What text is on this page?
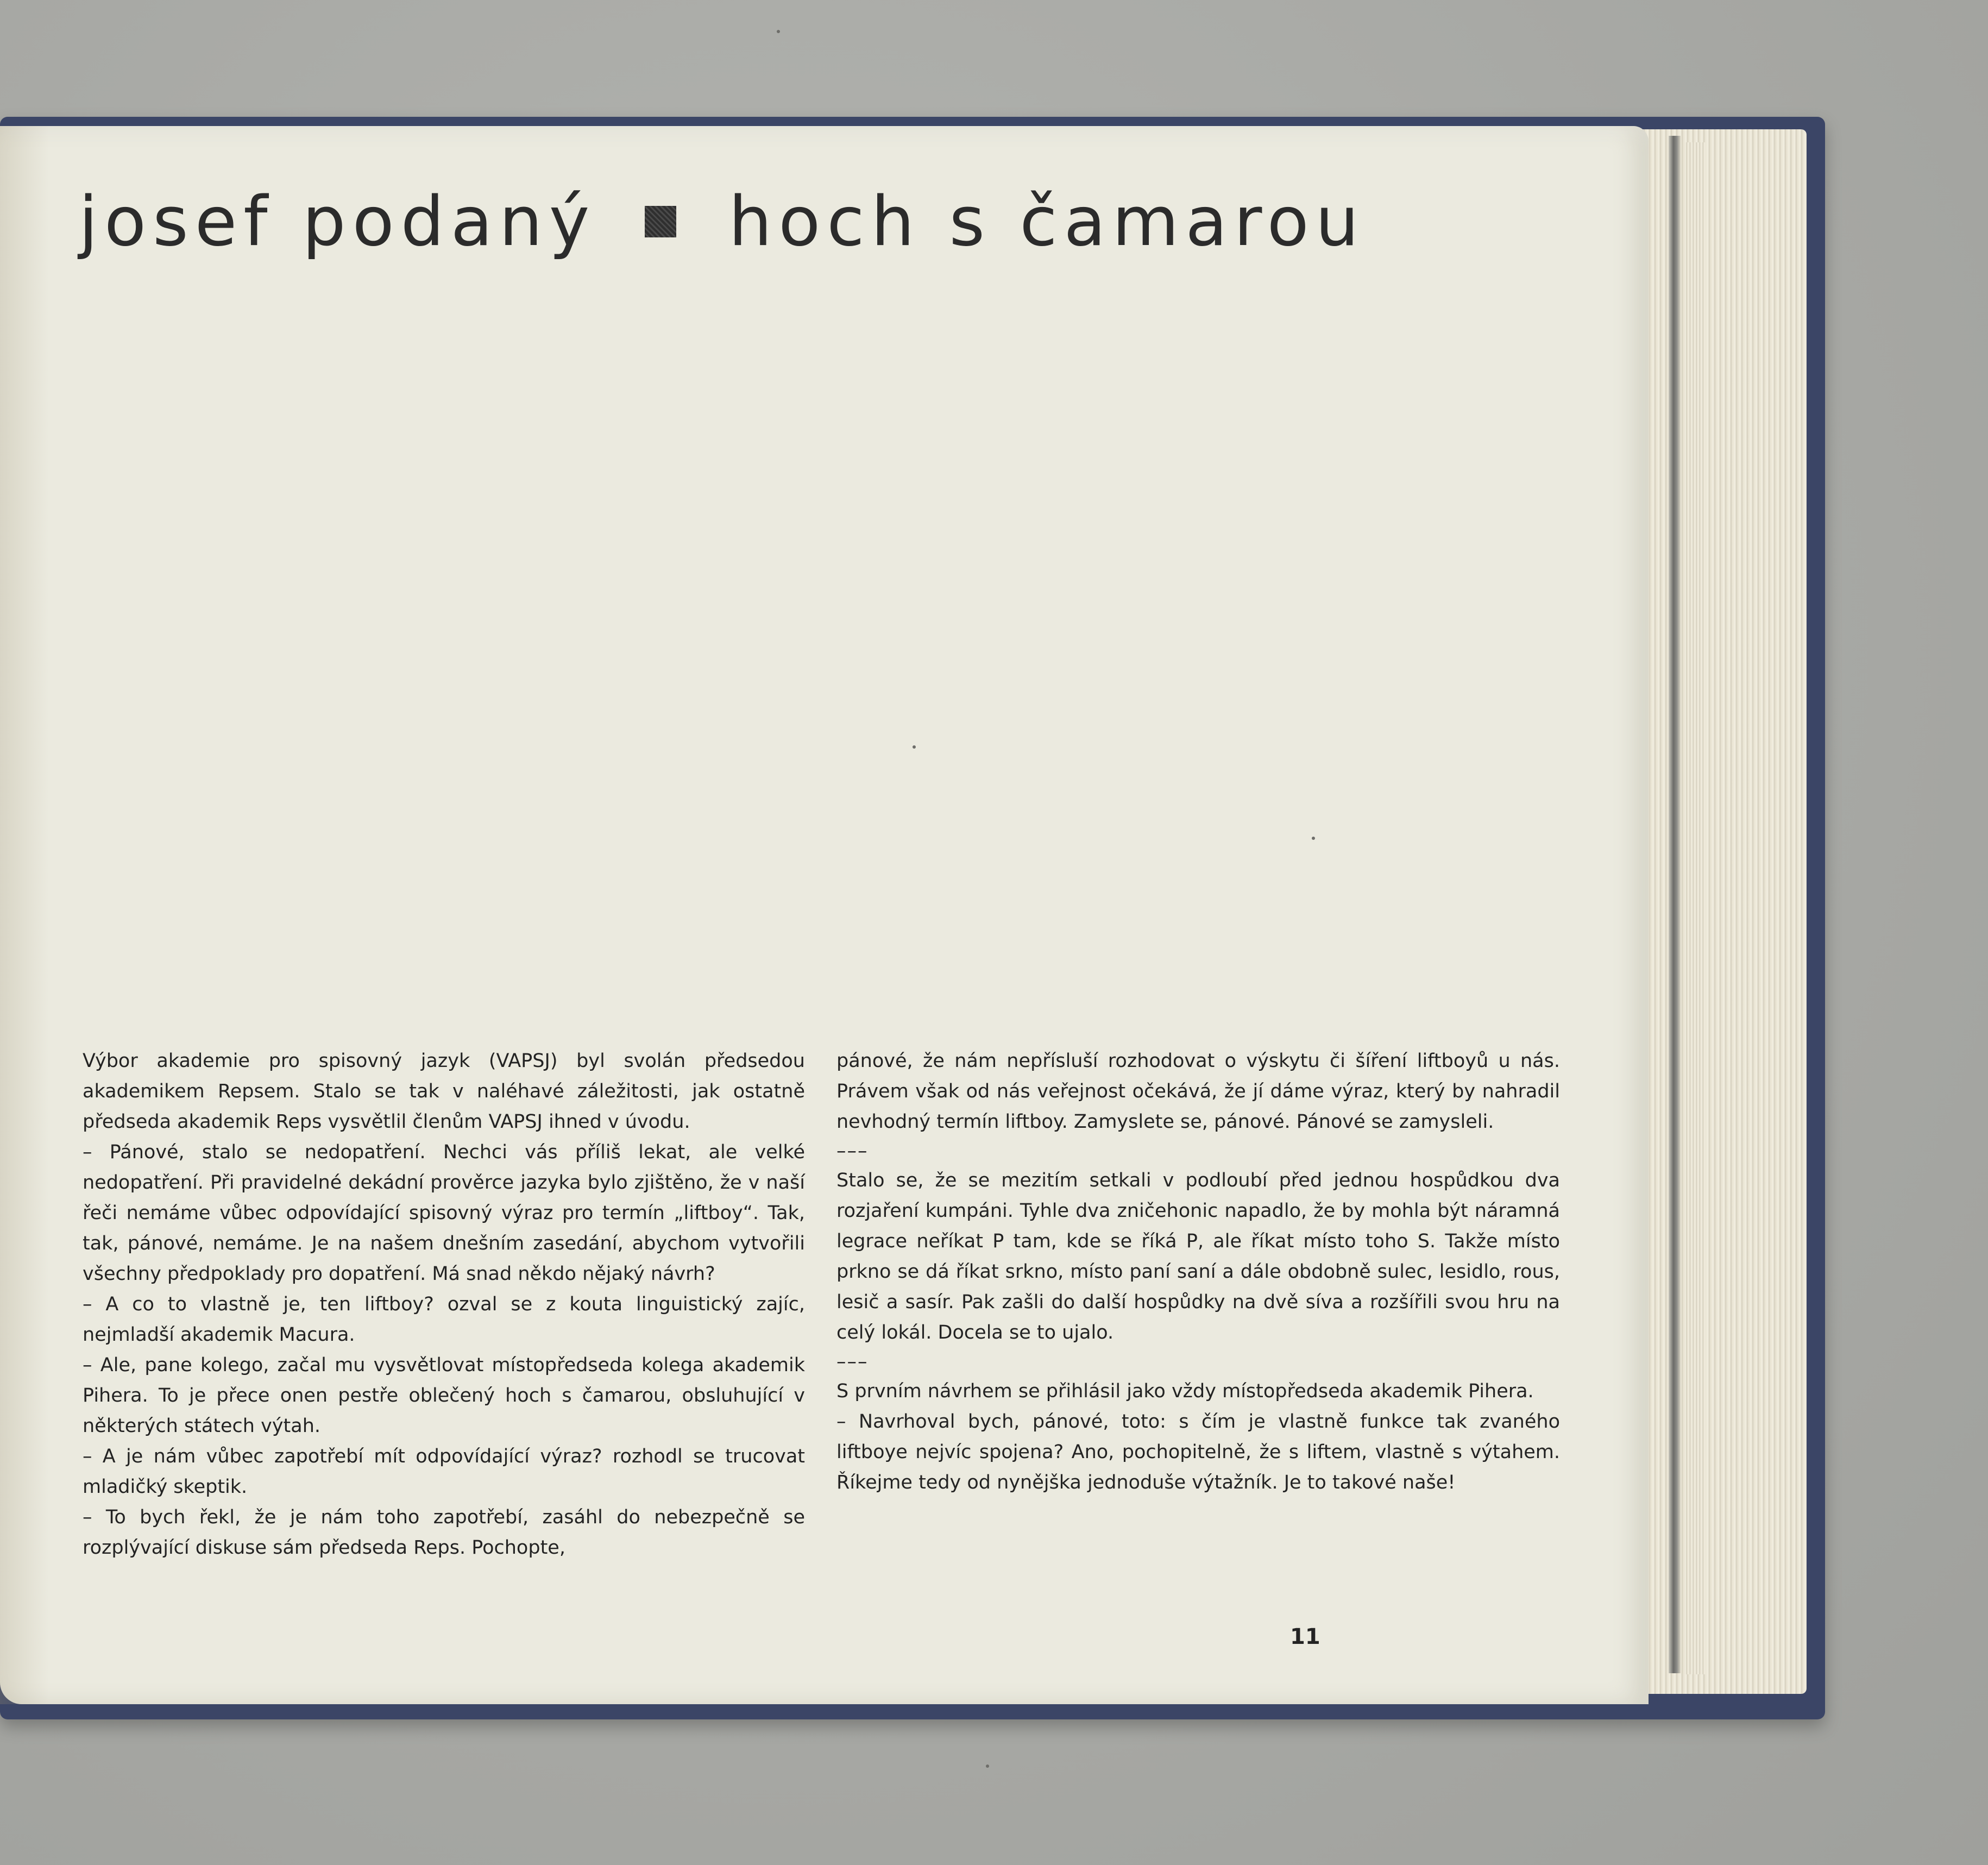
josef podaný hoch s čamarou

Výbor akademie pro spisovný jazyk (VAPSJ) byl svolán předsedou akademikem Repsem. Stalo se tak v naléhavé záležitosti, jak ostatně předseda akademik Reps vysvětlil členům VAPSJ ihned v úvodu.

– Pánové, stalo se nedopatření. Nechci vás příliš lekat, ale velké nedopatření. Při pravidelné dekádní prověrce jazyka bylo zjištěno, že v naší řeči nemáme vůbec odpovídající spisovný výraz pro termín „liftboy“. Tak, tak, pánové, nemáme. Je na našem dnešním zasedání, abychom vytvořili všechny předpoklady pro dopatření. Má snad někdo nějaký návrh?

– A co to vlastně je, ten liftboy? ozval se z kouta linguistický zajíc, nejmladší akademik Macura.

– Ale, pane kolego, začal mu vysvětlovat místopředseda kolega akademik Pihera. To je přece onen pestře oblečený hoch s čamarou, obsluhující v některých státech výtah.

– A je nám vůbec zapotřebí mít odpovídající výraz? rozhodl se trucovat mladičký skeptik.

– To bych řekl, že je nám toho zapotřebí, zasáhl do nebezpečně se rozplývající diskuse sám předseda Reps. Pochopte,

pánové, že nám nepřísluší rozhodovat o výskytu či šíření liftboyů u nás. Právem však od nás veřejnost očekává, že jí dáme výraz, který by nahradil nevhodný termín liftboy. Zamyslete se, pánové. Pánové se zamysleli.

–––

Stalo se, že se mezitím setkali v podloubí před jednou hospůdkou dva rozjaření kumpáni. Tyhle dva zničehonic napadlo, že by mohla být náramná legrace neříkat P tam, kde se říká P, ale říkat místo toho S. Takže místo prkno se dá říkat srkno, místo paní saní a dále obdobně sulec, lesidlo, rous, lesič a sasír. Pak zašli do další hospůdky na dvě síva a rozšířili svou hru na celý lokál. Docela se to ujalo.

–––

S prvním návrhem se přihlásil jako vždy místopředseda akademik Pihera.

– Navrhoval bych, pánové, toto: s čím je vlastně funkce tak zvaného liftboye nejvíc spojena? Ano, pochopitelně, že s liftem, vlastně s výtahem. Říkejme tedy od nynějška jednoduše výtažník. Je to takové naše!

11
